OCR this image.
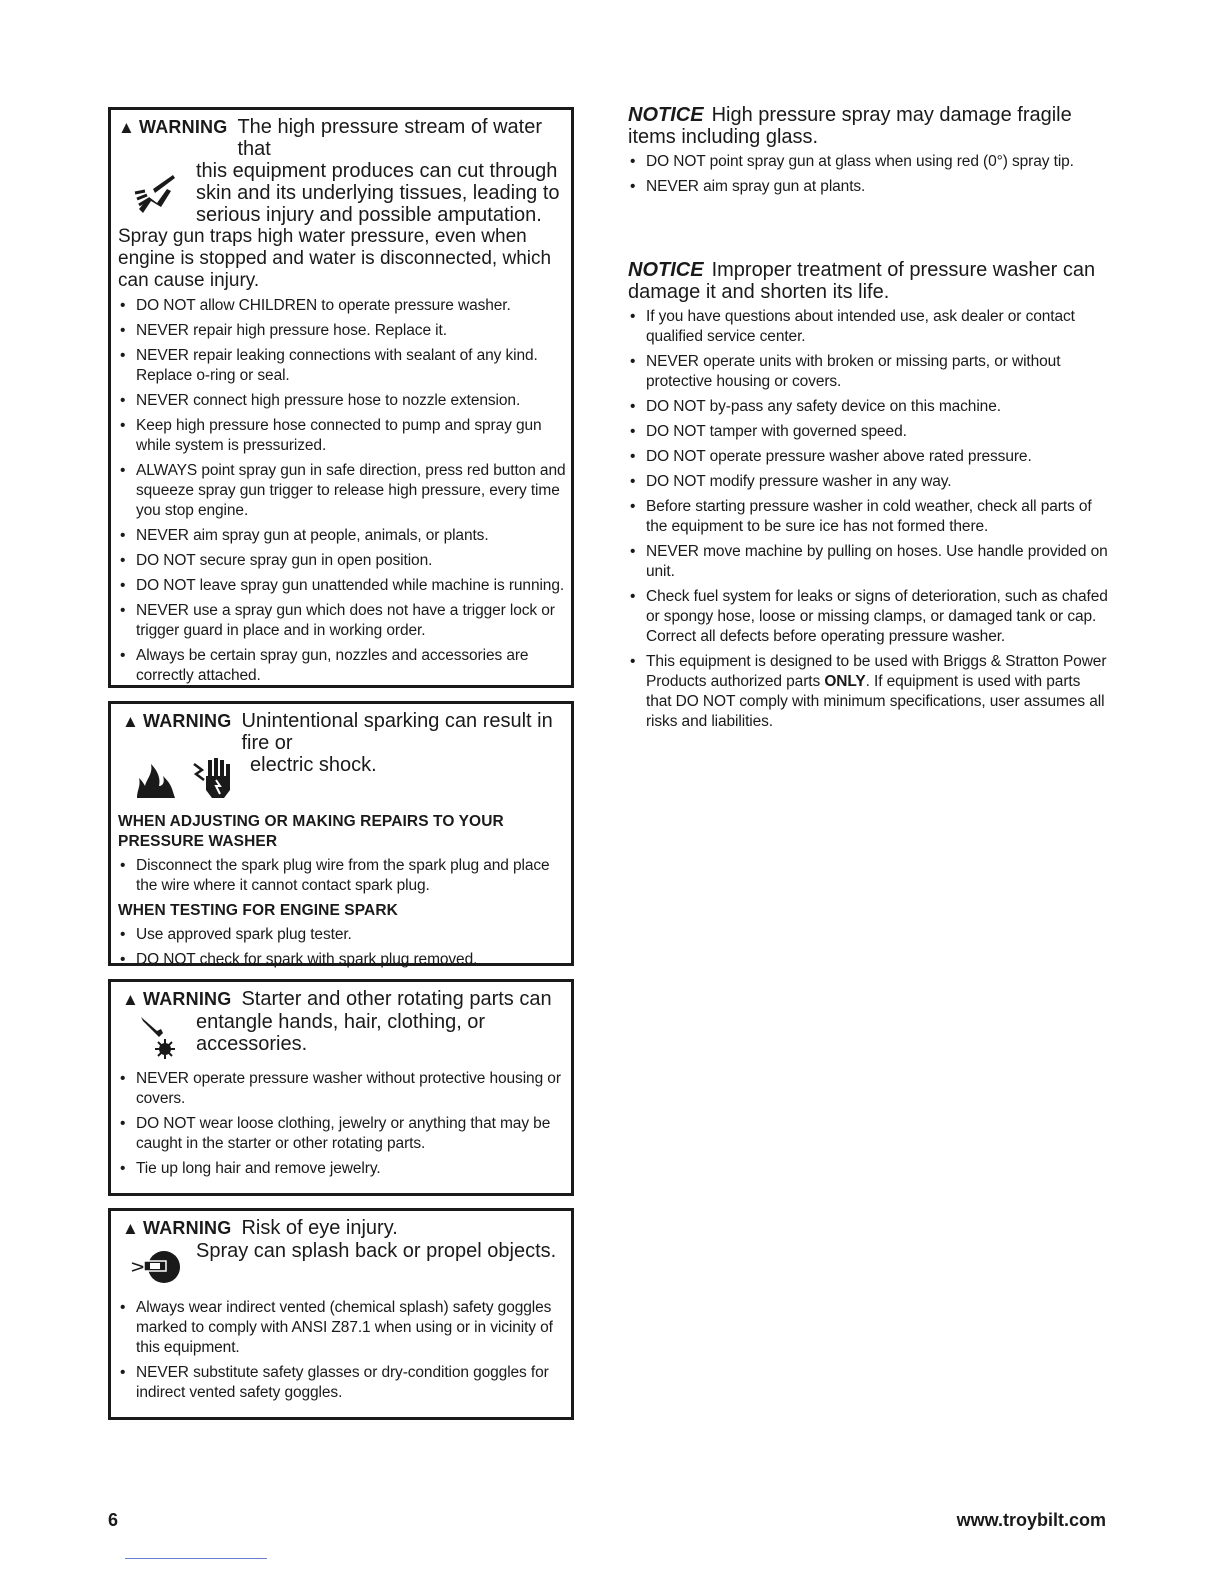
▲ WARNING The high pressure stream of water that
this equipment produces can cut through skin and its underlying tissues, leading to serious injury and possible amputation.

Spray gun traps high water pressure, even when engine is stopped and water is disconnected, which can cause injury.

• DO NOT allow CHILDREN to operate pressure washer.
• NEVER repair high pressure hose. Replace it.
• NEVER repair leaking connections with sealant of any kind. Replace o-ring or seal.
• NEVER connect high pressure hose to nozzle extension.
• Keep high pressure hose connected to pump and spray gun while system is pressurized.
• ALWAYS point spray gun in safe direction, press red button and squeeze spray gun trigger to release high pressure, every time you stop engine.
• NEVER aim spray gun at people, animals, or plants.
• DO NOT secure spray gun in open position.
• DO NOT leave spray gun unattended while machine is running.
• NEVER use a spray gun which does not have a trigger lock or trigger guard in place and in working order.
• Always be certain spray gun, nozzles and accessories are correctly attached.
▲ WARNING Unintentional sparking can result in fire or
electric shock.
WHEN ADJUSTING OR MAKING REPAIRS TO YOUR PRESSURE WASHER
• Disconnect the spark plug wire from the spark plug and place the wire where it cannot contact spark plug.
WHEN TESTING FOR ENGINE SPARK
• Use approved spark plug tester.
• DO NOT check for spark with spark plug removed.
▲ WARNING Starter and other rotating parts can
entangle hands, hair, clothing, or accessories.
• NEVER operate pressure washer without protective housing or covers.
• DO NOT wear loose clothing, jewelry or anything that may be caught in the starter or other rotating parts.
• Tie up long hair and remove jewelry.
▲ WARNING Risk of eye injury.
Spray can splash back or propel objects.
• Always wear indirect vented (chemical splash) safety goggles marked to comply with ANSI Z87.1 when using or in vicinity of this equipment.
• NEVER substitute safety glasses or dry-condition goggles for indirect vented safety goggles.
NOTICE High pressure spray may damage fragile items including glass.
• DO NOT point spray gun at glass when using red (0°) spray tip.
• NEVER aim spray gun at plants.
NOTICE Improper treatment of pressure washer can damage it and shorten its life.
• If you have questions about intended use, ask dealer or contact qualified service center.
• NEVER operate units with broken or missing parts, or without protective housing or covers.
• DO NOT by-pass any safety device on this machine.
• DO NOT tamper with governed speed.
• DO NOT operate pressure washer above rated pressure.
• DO NOT modify pressure washer in any way.
• Before starting pressure washer in cold weather, check all parts of the equipment to be sure ice has not formed there.
• NEVER move machine by pulling on hoses. Use handle provided on unit.
• Check fuel system for leaks or signs of deterioration, such as chafed or spongy hose, loose or missing clamps, or damaged tank or cap. Correct all defects before operating pressure washer.
• This equipment is designed to be used with Briggs & Stratton Power Products authorized parts ONLY. If equipment is used with parts that DO NOT comply with minimum specifications, user assumes all risks and liabilities.
6	www.troybilt.com
